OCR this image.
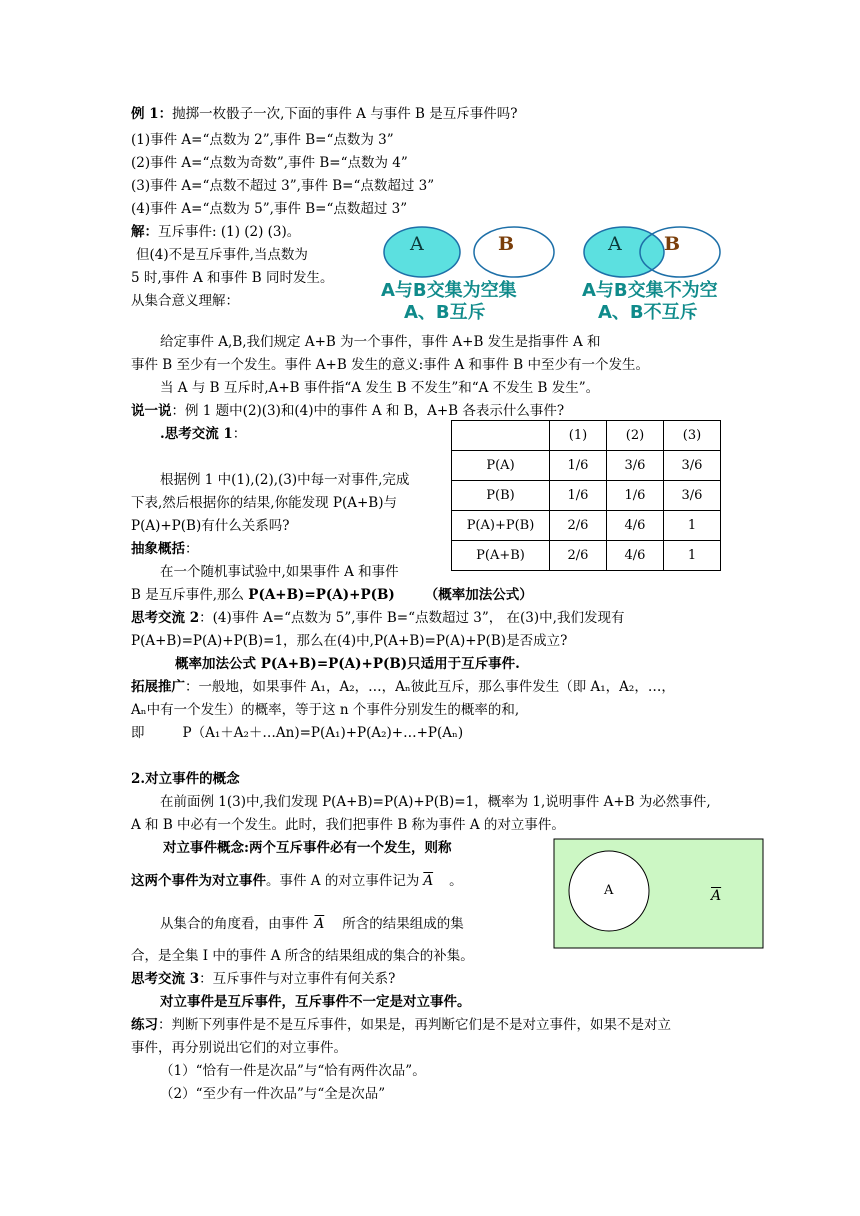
例 1：抛掷一枚骰子一次,下面的事件 A 与事件 B 是互斥事件吗?
(1)事件 A=“点数为 2”,事件 B=“点数为 3”
(2)事件 A=“点数为奇数”,事件 B=“点数为 4”
(3)事件 A=“点数不超过 3”,事件 B=“点数超过 3”
(4)事件 A=“点数为 5”,事件 B=“点数超过 3”
解：互斥事件: (1) (2) (3)。
但(4)不是互斥事件,当点数为
5 时,事件 A 和事件 B 同时发生。
从集合意义理解：
A	B	A B
A与B交集为空集
A、B互斥
A与B交集不为空
A、B不互斥
给定事件 A,B,我们规定 A+B 为一个事件，事件 A+B 发生是指事件 A 和
事件 B 至少有一个发生。事件 A+B 发生的意义:事件 A 和事件 B 中至少有一个发生。
当 A 与 B 互斥时,A+B 事件指“A 发生 B 不发生”和“A 不发生 B 发生”。
说一说：例 1 题中(2)(3)和(4)中的事件 A 和 B，A+B 各表示什么事件?
.思考交流 1：
根据例 1 中(1),(2),(3)中每一对事件,完成
下表,然后根据你的结果,你能发现 P(A+B)与
P(A)+P(B)有什么关系吗?
	(1)	(2)	(3)
P(A)	1/6	3/6	3/6
P(B)	1/6	1/6	3/6
P(A)+P(B)	2/6	4/6	1
P(A+B)	2/6	4/6	1
抽象概括：
在一个随机事试验中,如果事件 A 和事件
B 是互斥事件,那么 P(A+B)=P(A)+P(B) （概率加法公式）
思考交流 2：(4)事件 A=“点数为 5”,事件 B=“点数超过 3”， 在(3)中,我们发现有
P(A+B)=P(A)+P(B)=1，那么在(4)中,P(A+B)=P(A)+P(B)是否成立?
概率加法公式 P(A+B)=P(A)+P(B)只适用于互斥事件.
拓展推广：一般地，如果事件 A₁，A₂，…，Aₙ彼此互斥，那么事件发生（即 A₁，A₂，…，
Aₙ中有一个发生）的概率，等于这 n 个事件分别发生的概率的和,
即	P（A₁＋A₂＋…An)=P(A₁)+P(A₂)+…+P(Aₙ)
2.对立事件的概念
在前面例 1(3)中,我们发现 P(A+B)=P(A)+P(B)=1，概率为 1,说明事件 A+B 为必然事件,
A 和 B 中必有一个发生。此时，我们把事件 B 称为事件 A 的对立事件。
对立事件概念:两个互斥事件必有一个发生，则称
这两个事件为对立事件。事件 A 的对立事件记为 $\overline{A}$ 。
从集合的角度看，由事件 $\overline{A}$ 所含的结果组成的集
合，是全集 I 中的事件 A 所含的结果组成的集合的补集。
A	$\overline{A}$
思考交流 3：互斥事件与对立事件有何关系?
对立事件是互斥事件，互斥事件不一定是对立事件。
练习：判断下列事件是不是互斥事件，如果是，再判断它们是不是对立事件，如果不是对立
事件，再分别说出它们的对立事件。
（1）“恰有一件是次品”与“恰有两件次品”。
（2）“至少有一件次品”与“全是次品”
